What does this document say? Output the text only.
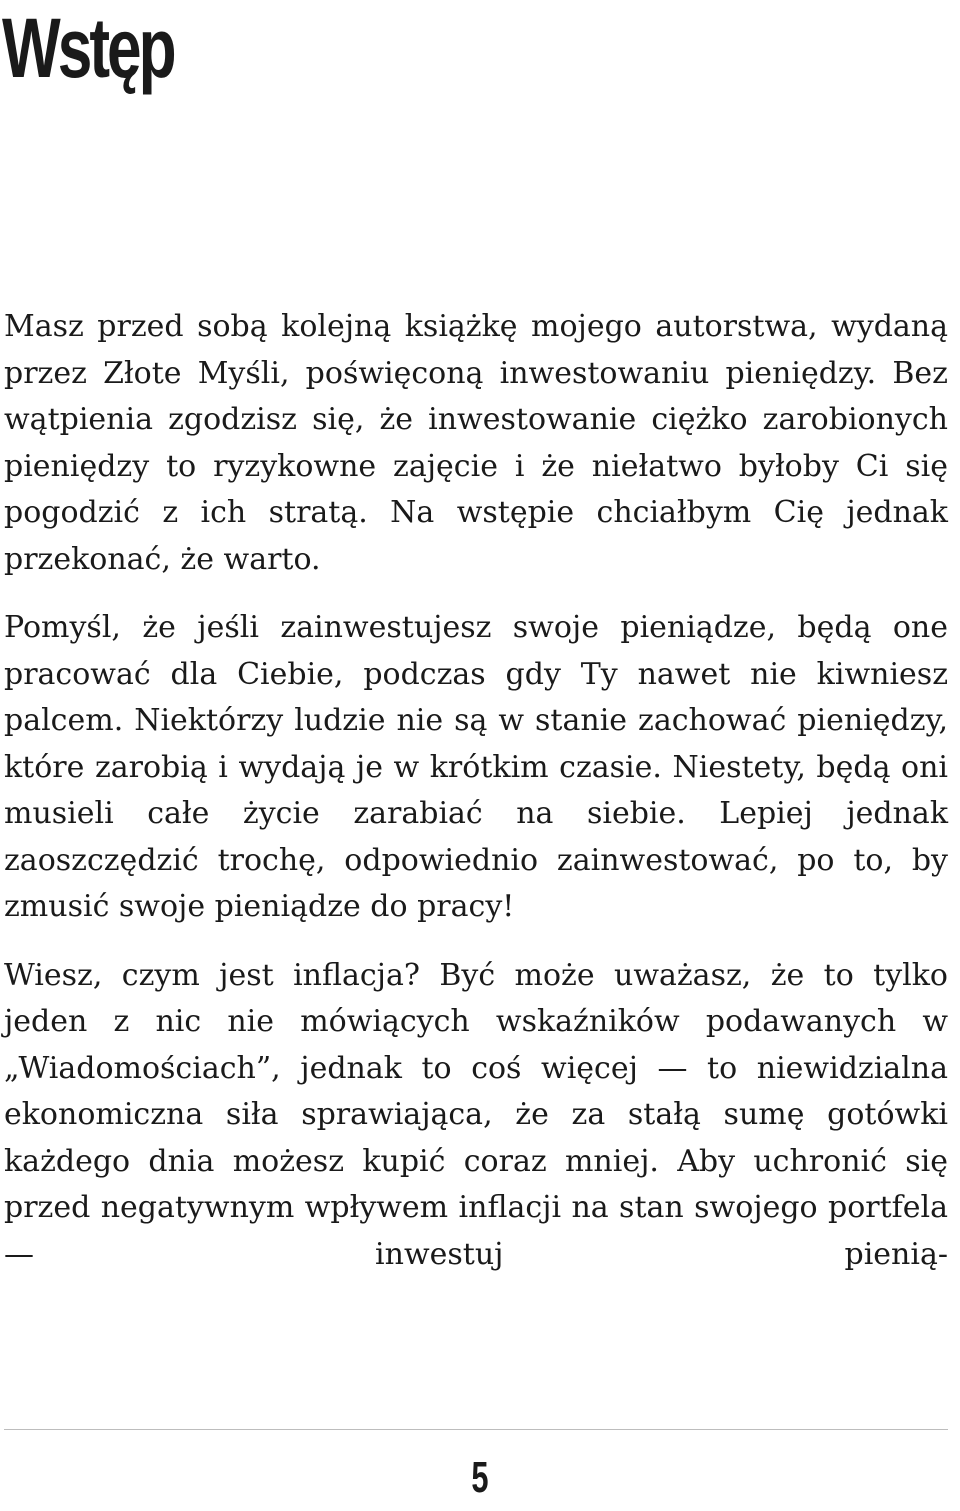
Wstęp

Masz przed sobą kolejną książkę mojego autorstwa, wydaną przez Złote Myśli, poświęconą inwestowaniu pieniędzy. Bez wątpienia zgodzisz się, że inwestowanie ciężko zarobionych pieniędzy to ryzykowne zajęcie i że niełatwo byłoby Ci się pogodzić z ich stratą. Na wstępie chciałbym Cię jednak przekonać, że warto.

Pomyśl, że jeśli zainwestujesz swoje pieniądze, będą one pracować dla Ciebie, podczas gdy Ty nawet nie kiwniesz palcem. Niektórzy ludzie nie są w stanie zachować pieniędzy, które zarobią i wydają je w krótkim czasie. Niestety, będą oni musieli całe życie zarabiać na siebie. Lepiej jednak zaoszczędzić trochę, odpowiednio zainwestować, po to, by zmusić swoje pieniądze do pracy!

Wiesz, czym jest inflacja? Być może uważasz, że to tylko jeden z nic nie mówiących wskaźników podawanych w „Wiadomościach”, jednak to coś więcej — to niewidzialna ekonomiczna siła sprawiająca, że za stałą sumę gotówki każdego dnia możesz kupić coraz mniej. Aby uchronić się przed negatywnym wpływem inflacji na stan swojego portfela — inwestuj pienią-

5
